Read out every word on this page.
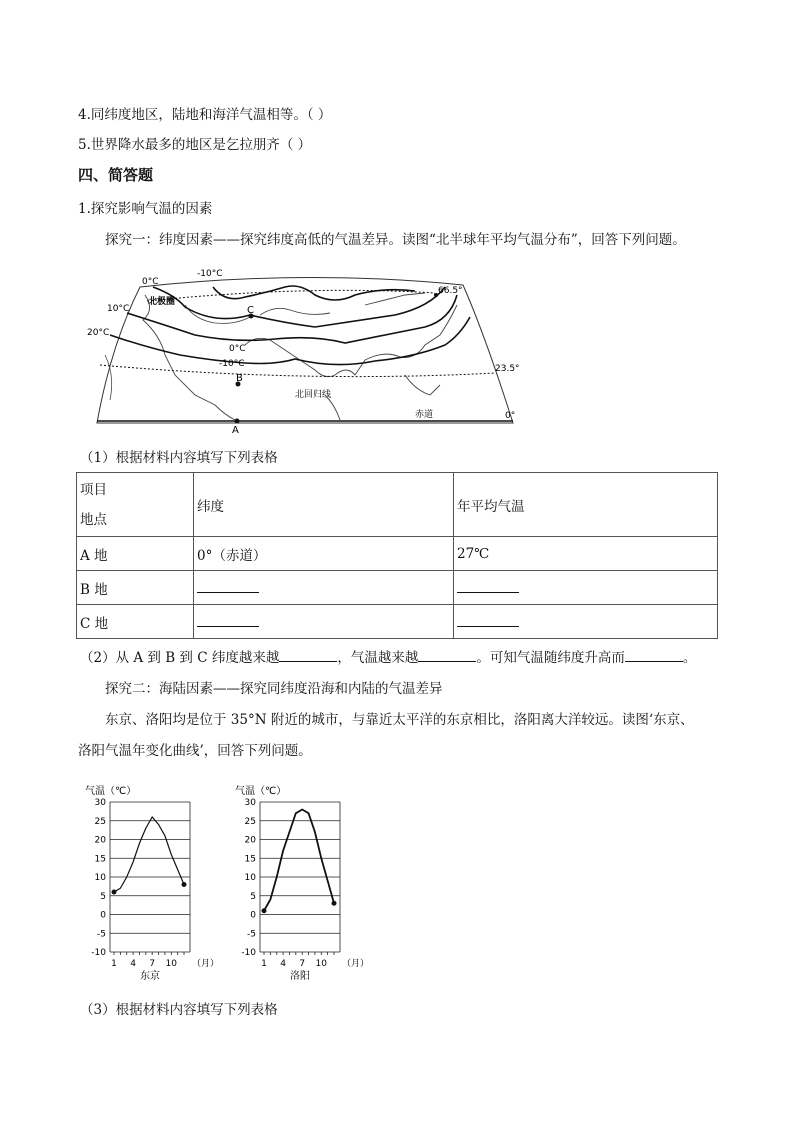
4.同纬度地区，陆地和海洋气温相等。（ ）
5.世界降水最多的地区是乞拉朋齐（ ）
四、简答题
1.探究影响气温的因素
探究一：纬度因素——探究纬度高低的气温差异。读图“北半球年平均气温分布”，回答下列问题。
-10°C
0°C
10°C
20°C
0°C
-10°C
66.5°
23.5°
0°
北极圈
北回归线
赤道
C
B
A
（1）根据材料内容填写下列表格
项目
地点	纬度	年平均气温
A 地	0°（赤道）	27℃
B 地		
C 地		
（2）从 A 到 B 到 C 纬度越来越	，气温越来越	。可知气温随纬度升高而	。
探究二：海陆因素——探究同纬度沿海和内陆的气温差异
东京、洛阳均是位于 35°N 附近的城市，与靠近太平洋的东京相比，洛阳离大洋较远。读图‘东京、
洛阳气温年变化曲线’，回答下列问题。
气温（℃）
30
25
20
15
10
5
0
-5
-10
1 4 7 10 （月）
东京
气温（℃）
30
25
20
15
10
5
0
-5
-10
1 4 7 10 （月）
洛阳
（3）根据材料内容填写下列表格
